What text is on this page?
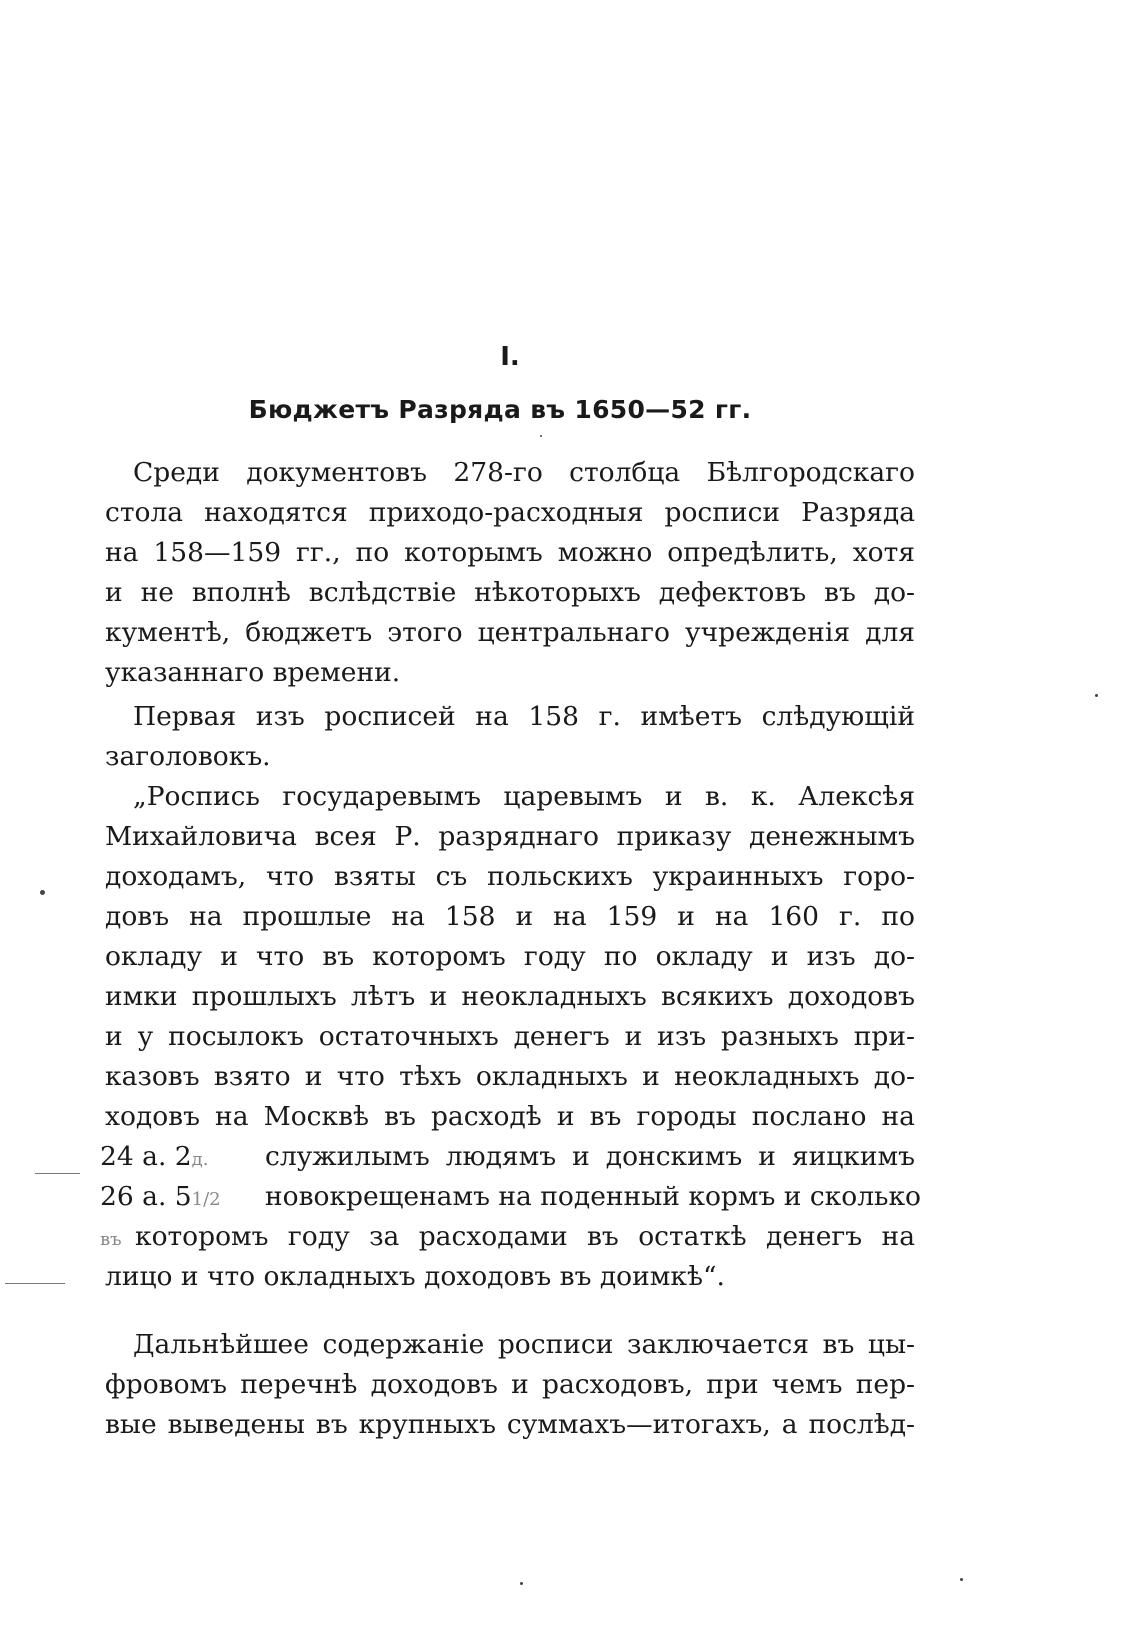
I.
Бюджетъ Разряда въ 1650—52 гг.
Среди документовъ 278-го столбца Бѣлгородскаго
стола находятся приходо-расходныя росписи Разряда
на 158—159 гг., по которымъ можно опредѣлить, хотя
и не вполнѣ вслѣдствіе нѣкоторыхъ дефектовъ въ до-
кументѣ, бюджетъ этого центральнаго учрежденія для
указаннаго времени.
Первая изъ росписей на 158 г. имѣетъ слѣдующій
заголовокъ.
„Роспись государевымъ царевымъ и в. к. Алексѣя
Михайловича всея Р. разряднаго приказу денежнымъ
доходамъ, что взяты съ польскихъ украинныхъ горо-
довъ на прошлые на 158 и на 159 и на 160 г. по
окладу и что въ которомъ году по окладу и изъ до-
имки прошлыхъ лѣтъ и неокладныхъ всякихъ доходовъ
и у посылокъ остаточныхъ денегъ и изъ разныхъ при-
казовъ взято и что тѣхъ окладныхъ и неокладныхъ до-
ходовъ на Москвѣ въ расходѣ и въ городы послано на
24 а. 2д. служилымъ людямъ и донскимъ и яицкимъ
новокрещенамъ на поденный кормъ и сколько
26 а. 51/2
въ которомъ году за расходами въ остаткѣ денегъ на
лицо и что окладныхъ доходовъ въ доимкѣ“.
Дальнѣйшее содержаніе росписи заключается въ цы-
фровомъ перечнѣ доходовъ и расходовъ, при чемъ пер-
вые выведены въ крупныхъ суммахъ—итогахъ, а послѣд-
